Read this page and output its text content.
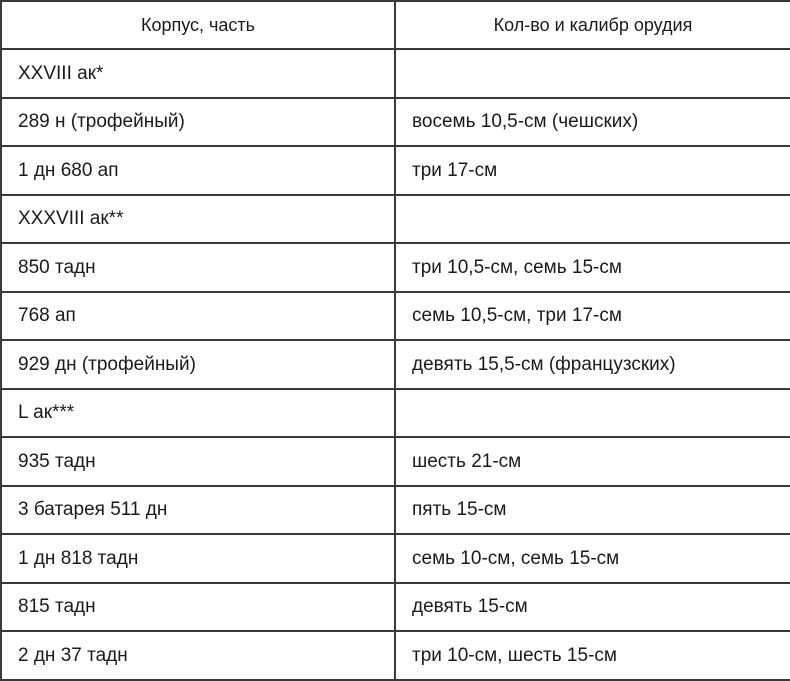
Корпус, часть	Кол-во и калибр орудия
XXVIII ак*	
289 н (трофейный)	восемь 10,5-см (чешских)
1 дн 680 ап	три 17-см
XXXVIII ак**	
850 тадн	три 10,5-см, семь 15-см
768 ап	семь 10,5-см, три 17-см
929 дн (трофейный)	девять 15,5-см (французских)
L ак***	
935 тадн	шесть 21-см
3 батарея 511 дн	пять 15-см
1 дн 818 тадн	семь 10-см, семь 15-см
815 тадн	девять 15-см
2 дн 37 тадн	три 10-см, шесть 15-см
